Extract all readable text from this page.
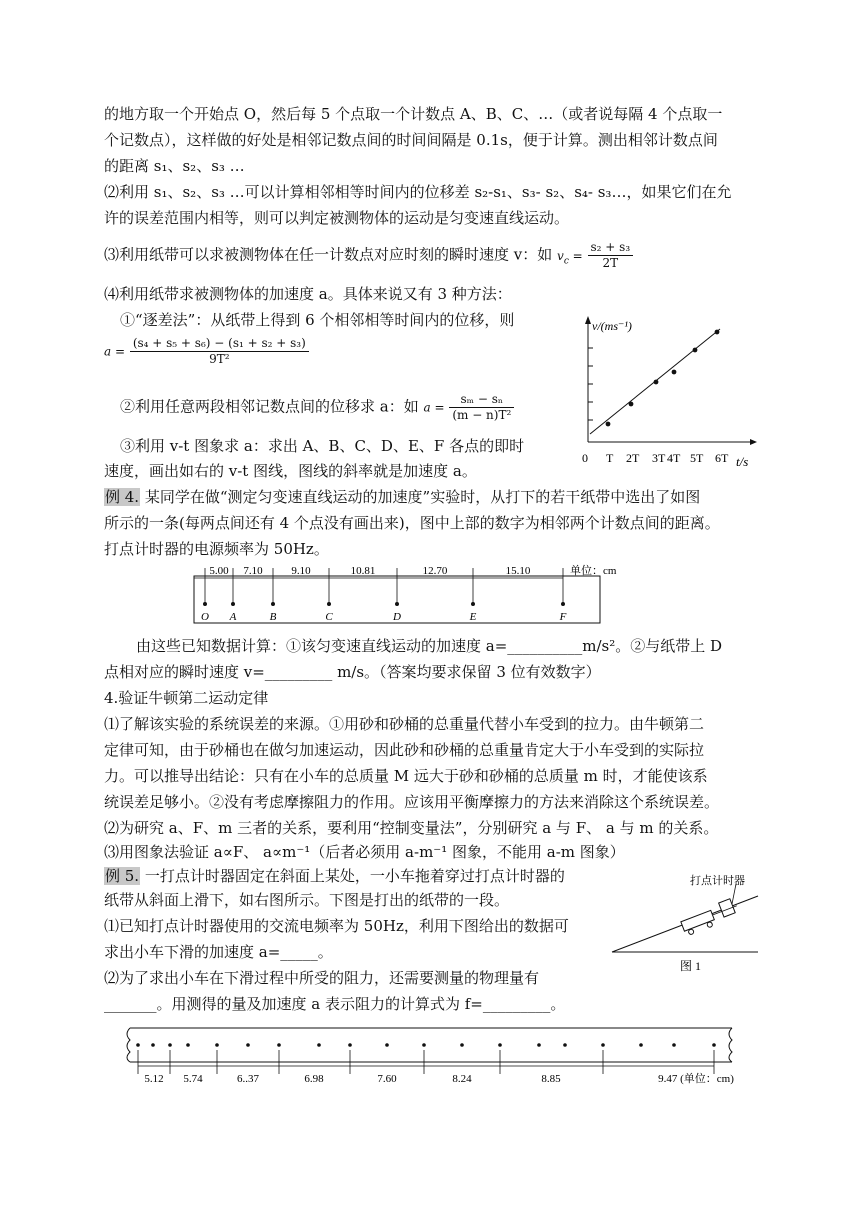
的地方取一个开始点 O，然后每 5 个点取一个计数点 A、B、C、…（或者说每隔 4 个点取一
个记数点），这样做的好处是相邻记数点间的时间间隔是 0.1s，便于计算。测出相邻计数点间
的距离 s₁、s₂、s₃ …
⑵利用 s₁、s₂、s₃ …可以计算相邻相等时间内的位移差 s₂-s₁、s₃- s₂、s₄- s₃…，如果它们在允
许的误差范围内相等，则可以判定被测物体的运动是匀变速直线运动。
⑶利用纸带可以求被测物体在任一计数点对应时刻的瞬时速度 v：如 $v_c = \frac{\text{s₂ + s₃}}{2T}$
⑷利用纸带求被测物体的加速度 a。具体来说又有 3 种方法：
①“逐差法”：从纸带上得到 6 个相邻相等时间内的位移，则
$a = \frac{\text{(s₄ + s₅ + s₆) − (s₁ + s₂ + s₃)}}{\text{9T²}}$
②利用任意两段相邻记数点间的位移求 a：如 $a = \frac{\text{sₘ − sₙ}}{\text{(m − n)T²}}$
③利用 v-t 图象求 a：求出 A、B、C、D、E、F 各点的即时
速度，画出如右的 v-t 图线，图线的斜率就是加速度 a。
v/(ms⁻¹)
t/s
0 T 2T 3T 4T 5T 6T
例 4. 某同学在做“测定匀变速直线运动的加速度”实验时，从打下的若干纸带中选出了如图
所示的一条(每两点间还有 4 个点没有画出来)，图中上部的数字为相邻两个计数点间的距离。
打点计时器的电源频率为 50Hz。
5.00 7.10	9.10	10.81	12.70	15.10	单位：cm
O A	B	C	D	E	F
由这些已知数据计算：①该匀变速直线运动的加速度 a=__________m/s²。②与纸带上 D
点相对应的瞬时速度 v=_________ m/s。（答案均要求保留 3 位有效数字）
4.验证牛顿第二运动定律
⑴了解该实验的系统误差的来源。①用砂和砂桶的总重量代替小车受到的拉力。由牛顿第二
定律可知，由于砂桶也在做匀加速运动，因此砂和砂桶的总重量肯定大于小车受到的实际拉
力。可以推导出结论：只有在小车的总质量 M 远大于砂和砂桶的总质量 m 时，才能使该系
统误差足够小。②没有考虑摩擦阻力的作用。应该用平衡摩擦力的方法来消除这个系统误差。
⑵为研究 a、F、m 三者的关系，要利用“控制变量法”，分别研究 a 与 F、 a 与 m 的关系。
⑶用图象法验证 a∝F、 a∝m⁻¹（后者必须用 a-m⁻¹ 图象，不能用 a-m 图象）
例 5. 一打点计时器固定在斜面上某处，一小车拖着穿过打点计时器的
纸带从斜面上滑下，如右图所示。下图是打出的纸带的一段。
⑴已知打点计时器使用的交流电频率为 50Hz，利用下图给出的数据可
求出小车下滑的加速度 a=_____。
⑵为了求出小车在下滑过程中所受的阻力，还需要测量的物理量有
_______。用测得的量及加速度 a 表示阻力的计算式为 f=_________。
打点计时器
图 1
5.12 5.74	6..37	6.98	7.60	8.24	8.85	9.47 (单位：cm)
